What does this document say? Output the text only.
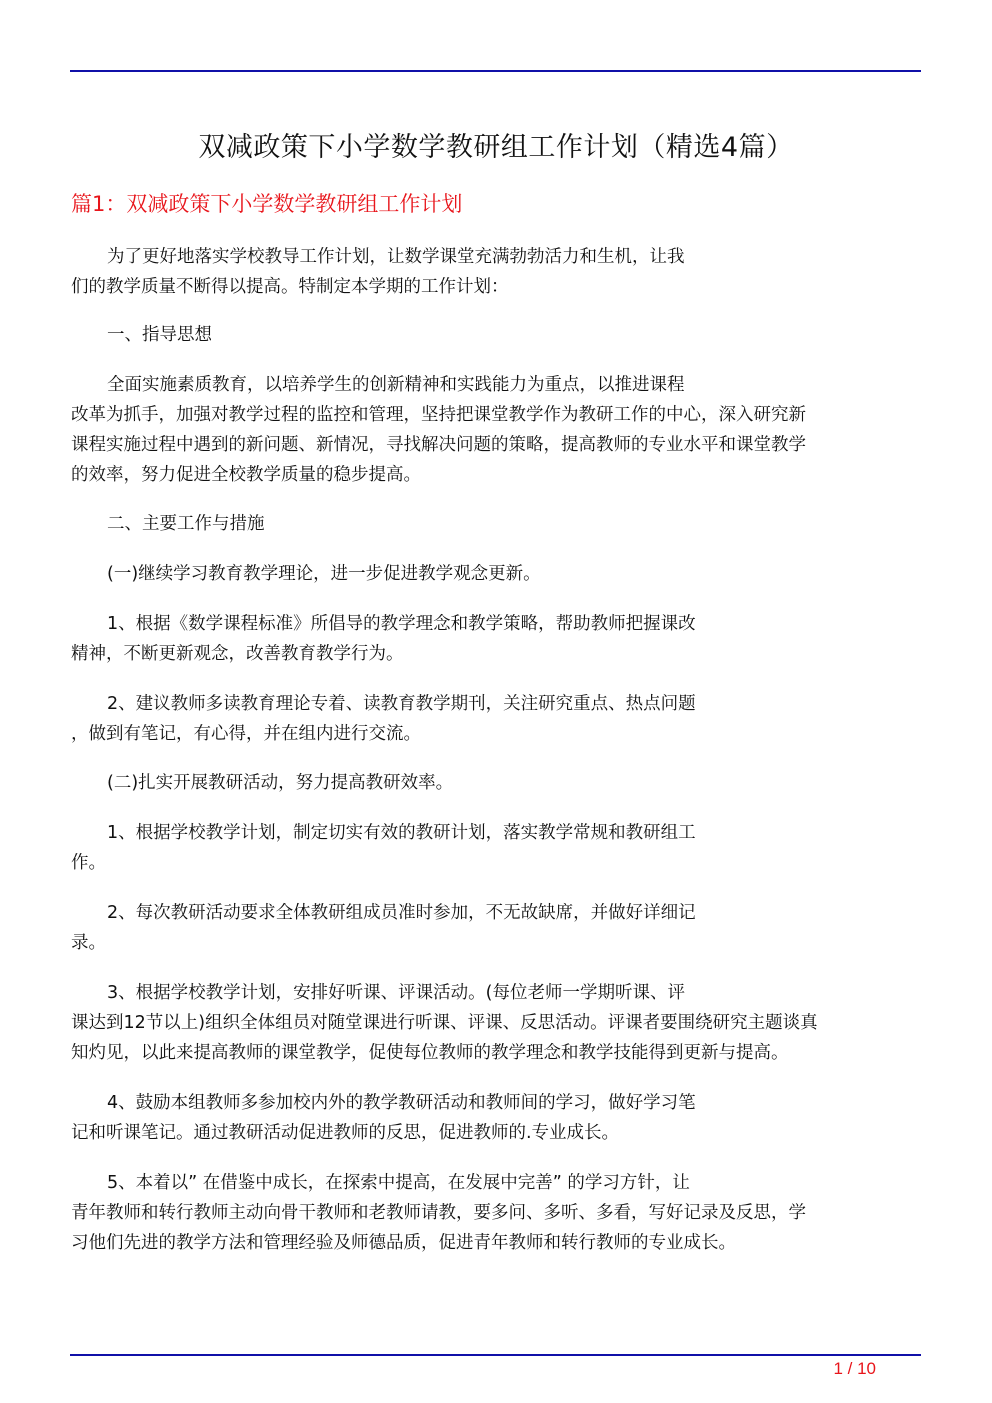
双减政策下小学数学教研组工作计划（精选4篇）
篇1：双减政策下小学数学教研组工作计划
为了更好地落实学校教导工作计划，让数学课堂充满勃勃活力和生机，让我
们的教学质量不断得以提高。特制定本学期的工作计划：
一、指导思想
全面实施素质教育，以培养学生的创新精神和实践能力为重点，以推进课程
改革为抓手，加强对教学过程的监控和管理，坚持把课堂教学作为教研工作的中心，深入研究新
课程实施过程中遇到的新问题、新情况，寻找解决问题的策略，提高教师的专业水平和课堂教学
的效率，努力促进全校教学质量的稳步提高。
二、主要工作与措施
(一)继续学习教育教学理论，进一步促进教学观念更新。
1、根据《数学课程标准》所倡导的教学理念和教学策略，帮助教师把握课改
精神，不断更新观念，改善教育教学行为。
2、建议教师多读教育理论专着、读教育教学期刊，关注研究重点、热点问题
，做到有笔记，有心得，并在组内进行交流。
(二)扎实开展教研活动，努力提高教研效率。
1、根据学校教学计划，制定切实有效的教研计划，落实教学常规和教研组工
作。
2、每次教研活动要求全体教研组成员准时参加，不无故缺席，并做好详细记
录。
3、根据学校教学计划，安排好听课、评课活动。(每位老师一学期听课、评
课达到12节以上)组织全体组员对随堂课进行听课、评课、反思活动。评课者要围绕研究主题谈真
知灼见，以此来提高教师的课堂教学，促使每位教师的教学理念和教学技能得到更新与提高。
4、鼓励本组教师多参加校内外的教学教研活动和教师间的学习，做好学习笔
记和听课笔记。通过教研活动促进教师的反思，促进教师的.专业成长。
5、本着以” 在借鉴中成长，在探索中提高，在发展中完善” 的学习方针，让
青年教师和转行教师主动向骨干教师和老教师请教，要多问、多听、多看，写好记录及反思，学
习他们先进的教学方法和管理经验及师德品质，促进青年教师和转行教师的专业成长。
1 / 10
